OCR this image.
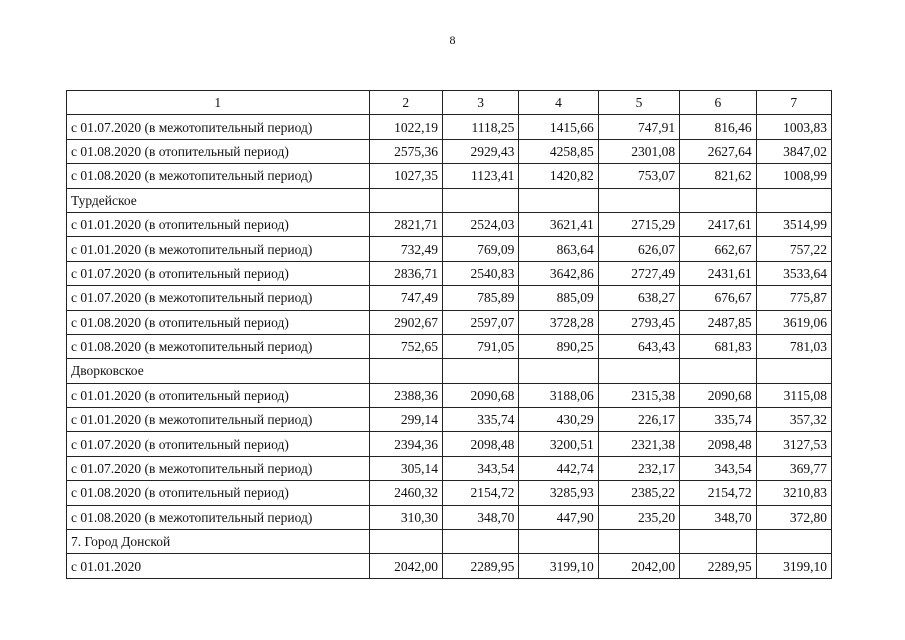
8
1	2	3	4	5	6	7
с 01.07.2020 (в межотопительный период)	1022,19	1118,25	1415,66	747,91	816,46	1003,83
с 01.08.2020 (в отопительный период)	2575,36	2929,43	4258,85	2301,08	2627,64	3847,02
с 01.08.2020 (в межотопительный период)	1027,35	1123,41	1420,82	753,07	821,62	1008,99
Турдейское						
с 01.01.2020 (в отопительный период)	2821,71	2524,03	3621,41	2715,29	2417,61	3514,99
с 01.01.2020 (в межотопительный период)	732,49	769,09	863,64	626,07	662,67	757,22
с 01.07.2020 (в отопительный период)	2836,71	2540,83	3642,86	2727,49	2431,61	3533,64
с 01.07.2020 (в межотопительный период)	747,49	785,89	885,09	638,27	676,67	775,87
с 01.08.2020 (в отопительный период)	2902,67	2597,07	3728,28	2793,45	2487,85	3619,06
с 01.08.2020 (в межотопительный период)	752,65	791,05	890,25	643,43	681,83	781,03
Дворковское						
с 01.01.2020 (в отопительный период)	2388,36	2090,68	3188,06	2315,38	2090,68	3115,08
с 01.01.2020 (в межотопительный период)	299,14	335,74	430,29	226,17	335,74	357,32
с 01.07.2020 (в отопительный период)	2394,36	2098,48	3200,51	2321,38	2098,48	3127,53
с 01.07.2020 (в межотопительный период)	305,14	343,54	442,74	232,17	343,54	369,77
с 01.08.2020 (в отопительный период)	2460,32	2154,72	3285,93	2385,22	2154,72	3210,83
с 01.08.2020 (в межотопительный период)	310,30	348,70	447,90	235,20	348,70	372,80
7. Город Донской						
с 01.01.2020	2042,00	2289,95	3199,10	2042,00	2289,95	3199,10
